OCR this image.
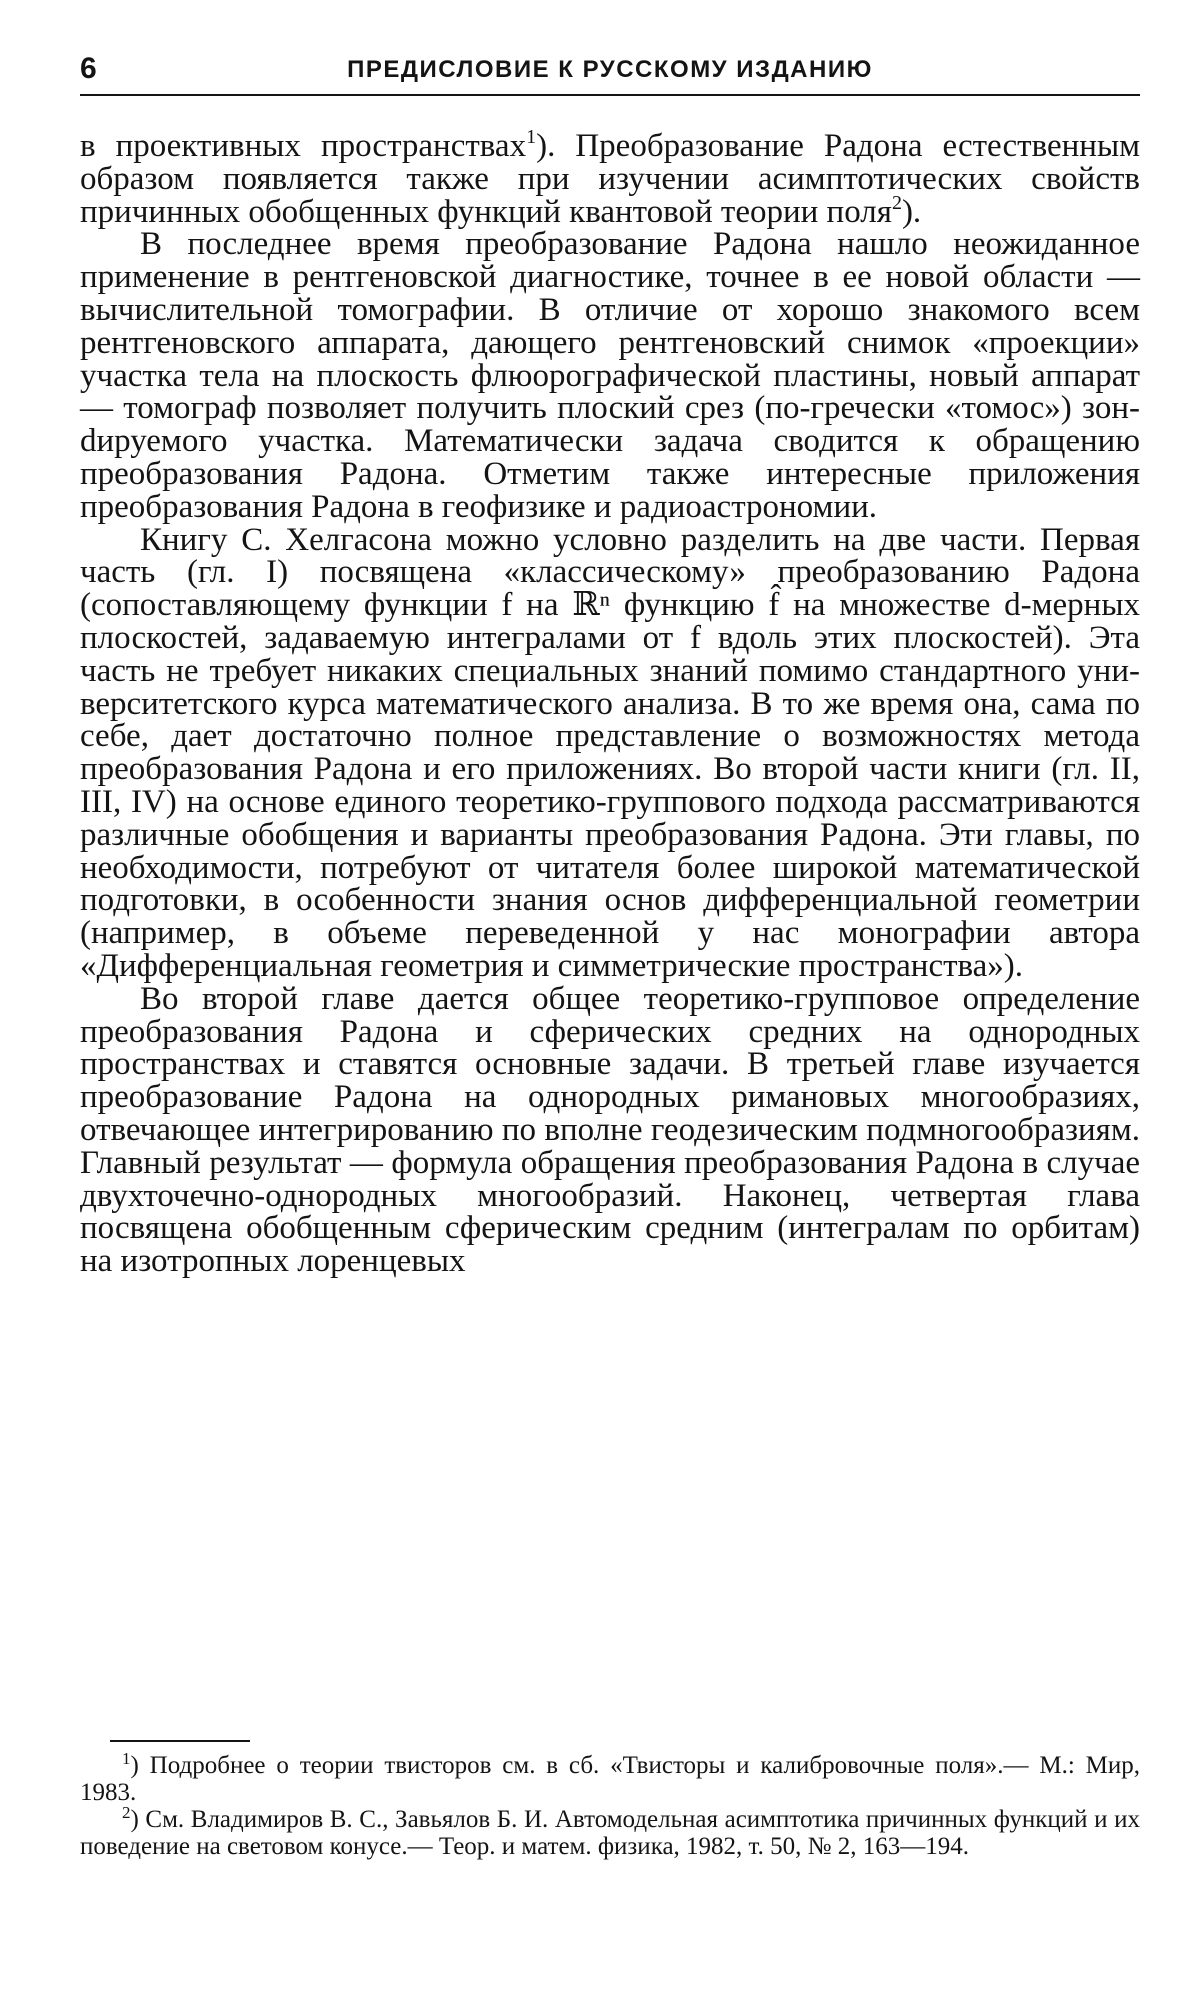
6	ПРЕДИСЛОВИЕ К РУССКОМУ ИЗДАНИЮ

в проективных пространствах$^1$). Преобразование Радона естественным образом появляется также при изучении асимптотических свойств причинных обобщенных функций квантовой теории поля$^2$).

В последнее время преобразование Радона нашло неожиданное применение в рентгеновской диагностике, точнее в ее новой области — вычислительной томографии. В отличие от хорошо знакомого всем рентгеновского аппарата, дающего рентгеновский снимок «проекции» участка тела на плоскость флюорографической пластины, новый аппарат — томограф позволяет получить плоский срез (по-гречески «томос») зонdируемого участка. Математически задача сводится к обращению преобразования Радона. Отметим также интересные приложения преобразования Радона в геофизике и радиоастрономии.

Книгу С. Хелгасона можно условно разделить на две части. Первая часть (гл. I) посвящена «классическому» преобразованию Радона (сопоставляющему функции f на ℝⁿ функцию f̂ на множестве d-мерных плоскостей, задаваемую интегралами от f вдоль этих плоскостей). Эта часть не требует никаких специальных знаний помимо стандартного университетского курса математического анализа. В то же время она, сама по себе, дает достаточно полное представление о возможностях метода преобразования Радона и его приложениях. Во второй части книги (гл. II, III, IV) на основе единого теоретико-группового подхода рассматриваются различные обобщения и варианты преобразования Радона. Эти главы, по необходимости, потребуют от читателя более широкой математической подготовки, в особенности знания основ дифференциальной геометрии (например, в объеме переведенной у нас монографии автора «Дифференциальная геометрия и симметрические пространства»).

Во второй главе дается общее теоретико-групповое определение преобразования Радона и сферических средних на однородных пространствах и ставятся основные задачи. В третьей главе изучается преобразование Радона на однородных римановых многообразиях, отвечающее интегрированию по вполне геодезическим подмногообразиям. Главный результат — формула обращения преобразования Радона в случае двухточечно-однородных многообразий. Наконец, четвертая глава посвящена обобщенным сферическим средним (интегралам по орбитам) на изотропных лоренцевых

$^1$) Подробнее о теории твисторов см. в сб. «Твисторы и калибровочные поля».— М.: Мир, 1983.

$^2$) См. Владимиров В. С., Завьялов Б. И. Автомодельная асимптотика причинных функций и их поведение на световом конусе.— Теор. и матем. физика, 1982, т. 50, № 2, 163—194.
